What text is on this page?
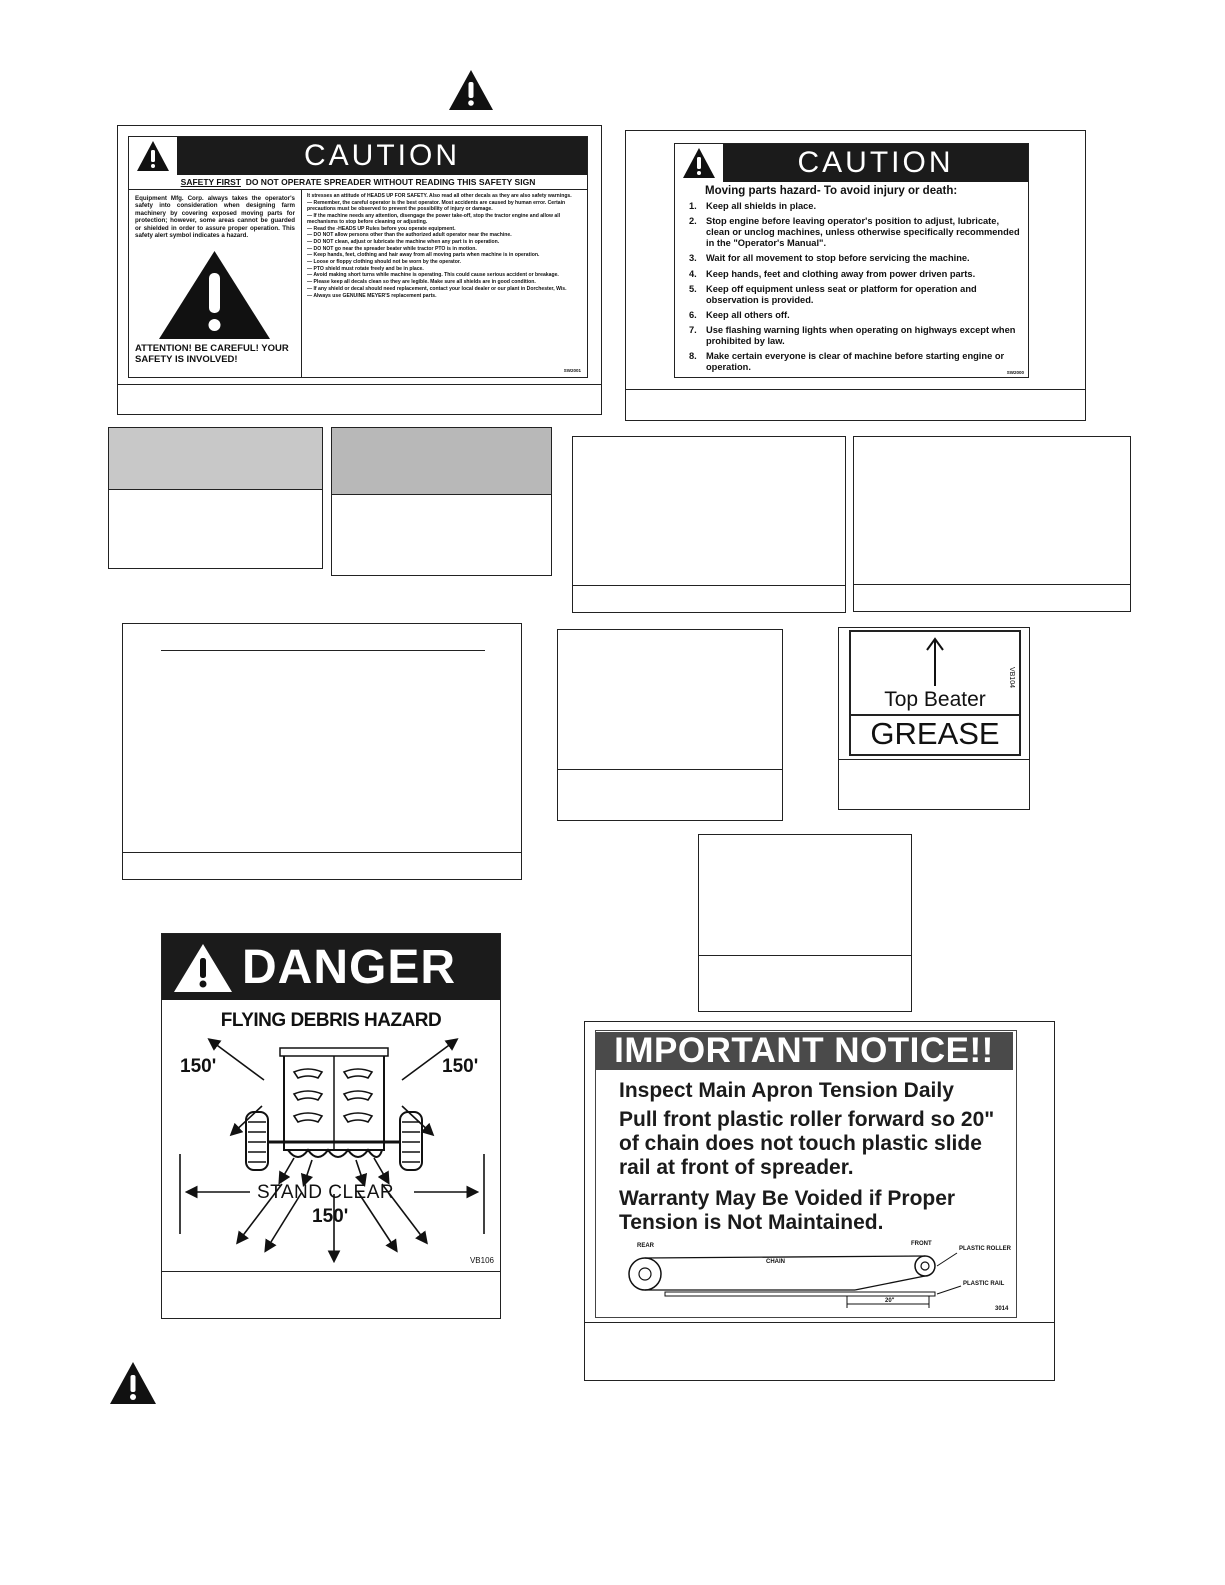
CAUTION
SAFETY FIRST DO NOT OPERATE SPREADER WITHOUT READING THIS SAFETY SIGN
Equipment Mfg. Corp. always takes the operator's safety into consideration when designing farm machinery by covering exposed moving parts for protection; however, some areas cannot be guarded or shielded in order to assure proper operation. This safety alert symbol indicates a hazard.
ATTENTION! BE CAREFUL! YOUR SAFETY IS INVOLVED!
It stresses an attitude of HEADS UP FOR SAFETY. Also read all other decals as they are also safety warnings.
— Remember, the careful operator is the best operator. Most accidents are caused by human error. Certain precautions must be observed to prevent the possibility of injury or damage.
— If the machine needs any attention, disengage the power take-off, stop the tractor engine and allow all mechanisms to stop before cleaning or adjusting.
— Read the -HEADS UP Rules before you operate equipment.
— DO NOT allow persons other than the authorized adult operator near the machine.
— DO NOT clean, adjust or lubricate the machine when any part is in operation.
— DO NOT go near the spreader beater while tractor PTO is in motion.
— Keep hands, feet, clothing and hair away from all moving parts when machine is in operation.
— Loose or floppy clothing should not be worn by the operator.
— PTO shield must rotate freely and be in place.
— Avoid making short turns while machine is operating. This could cause serious accident or breakage.
— Please keep all decals clean so they are legible. Make sure all shields are in good condition.
— If any shield or decal should need replacement, contact your local dealer or our plant in Dorchester, Wis.
— Always use GENUINE MEYER'S replacement parts.
SW2001
CAUTION
Moving parts hazard- To avoid injury or death:
1. Keep all shields in place.
2. Stop engine before leaving operator's position to adjust, lubricate, clean or unclog machines, unless otherwise specifically recommended in the "Operator's Manual".
3. Wait for all movement to stop before servicing the machine.
4. Keep hands, feet and clothing away from power driven parts.
5. Keep off equipment unless seat or platform for operation and observation is provided.
6. Keep all others off.
7. Use flashing warning lights when operating on highways except when prohibited by law.
8. Make certain everyone is clear of machine before starting engine or operation.
SW2000
Top Beater
VB104
GREASE
DANGER
FLYING DEBRIS HAZARD
150'	150'
150'
STAND CLEAR
VB106
IMPORTANT NOTICE!!
Inspect Main Apron Tension Daily
Pull front plastic roller forward so 20"
of chain does not touch plastic slide
rail at front of spreader.
Warranty May Be Voided if Proper
Tension is Not Maintained.
REAR	FRONT
CHAIN
PLASTIC ROLLER
PLASTIC RAIL
20"
3014
